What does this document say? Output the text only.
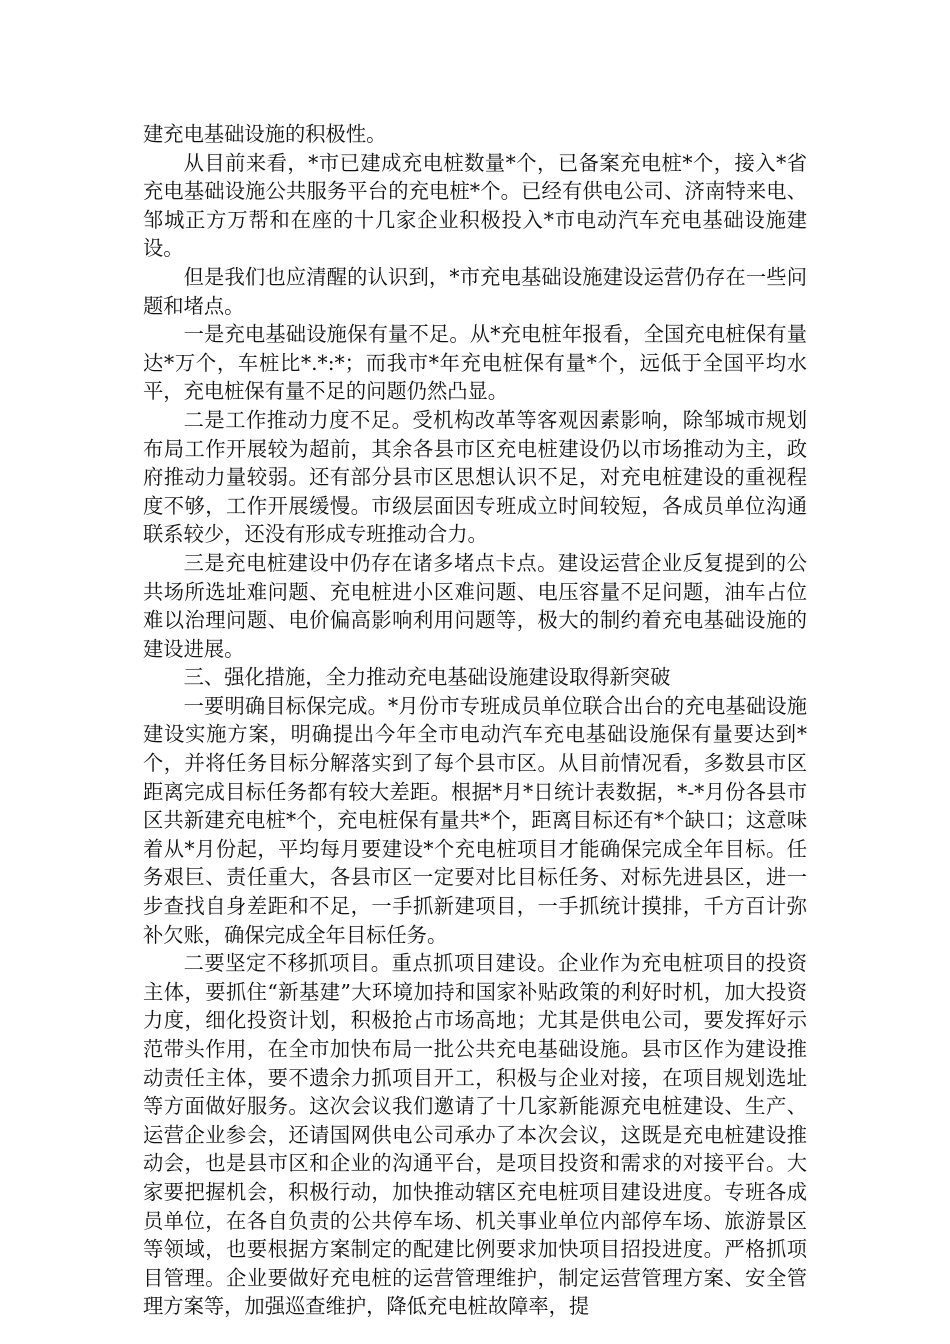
建充电基础设施的积极性。

从目前来看，*市已建成充电桩数量*个，已备案充电桩*个，接入*省充电基础设施公共服务平台的充电桩*个。已经有供电公司、济南特来电、邹城正方万帮和在座的十几家企业积极投入*市电动汽车充电基础设施建设。

但是我们也应清醒的认识到，*市充电基础设施建设运营仍存在一些问题和堵点。

一是充电基础设施保有量不足。从*充电桩年报看，全国充电桩保有量达*万个，车桩比*.*:*；而我市*年充电桩保有量*个，远低于全国平均水平，充电桩保有量不足的问题仍然凸显。

二是工作推动力度不足。受机构改革等客观因素影响，除邹城市规划布局工作开展较为超前，其余各县市区充电桩建设仍以市场推动为主，政府推动力量较弱。还有部分县市区思想认识不足，对充电桩建设的重视程度不够，工作开展缓慢。市级层面因专班成立时间较短，各成员单位沟通联系较少，还没有形成专班推动合力。

三是充电桩建设中仍存在诸多堵点卡点。建设运营企业反复提到的公共场所选址难问题、充电桩进小区难问题、电压容量不足问题，油车占位难以治理问题、电价偏高影响利用问题等，极大的制约着充电基础设施的建设进展。

三、强化措施，全力推动充电基础设施建设取得新突破

一要明确目标保完成。*月份市专班成员单位联合出台的充电基础设施建设实施方案，明确提出今年全市电动汽车充电基础设施保有量要达到*个，并将任务目标分解落实到了每个县市区。从目前情况看，多数县市区距离完成目标任务都有较大差距。根据*月*日统计表数据，*-*月份各县市区共新建充电桩*个，充电桩保有量共*个，距离目标还有*个缺口；这意味着从*月份起，平均每月要建设*个充电桩项目才能确保完成全年目标。任务艰巨、责任重大，各县市区一定要对比目标任务、对标先进县区，进一步查找自身差距和不足，一手抓新建项目，一手抓统计摸排，千方百计弥补欠账，确保完成全年目标任务。

二要坚定不移抓项目。重点抓项目建设。企业作为充电桩项目的投资主体，要抓住“新基建”大环境加持和国家补贴政策的利好时机，加大投资力度，细化投资计划，积极抢占市场高地；尤其是供电公司，要发挥好示范带头作用，在全市加快布局一批公共充电基础设施。县市区作为建设推动责任主体，要不遗余力抓项目开工，积极与企业对接，在项目规划选址等方面做好服务。这次会议我们邀请了十几家新能源充电桩建设、生产、运营企业参会，还请国网供电公司承办了本次会议，这既是充电桩建设推动会，也是县市区和企业的沟通平台，是项目投资和需求的对接平台。大家要把握机会，积极行动，加快推动辖区充电桩项目建设进度。专班各成员单位，在各自负责的公共停车场、机关事业单位内部停车场、旅游景区等领域，也要根据方案制定的配建比例要求加快项目招投进度。严格抓项目管理。企业要做好充电桩的运营管理维护，制定运营管理方案、安全管理方案等，加强巡查维护，降低充电桩故障率，提
